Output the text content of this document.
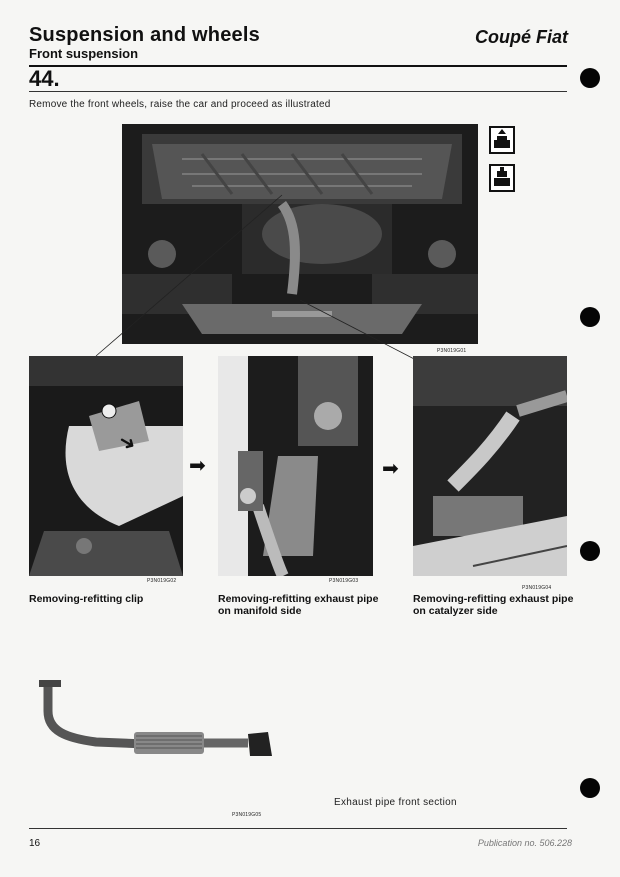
Suspension and wheels	Coupé Fiat
Front suspension
44.
Remove the front wheels, raise the car and proceed as illustrated
P3N019G01
➜
P3N019G02
Removing-refitting clip
➡
P3N019G03
Removing-refitting exhaust pipe on manifold side
➡
P3N019G04
Removing-refitting exhaust pipe on catalyzer side
P3N019G05
Exhaust pipe front section
16	Publication no. 506.228
